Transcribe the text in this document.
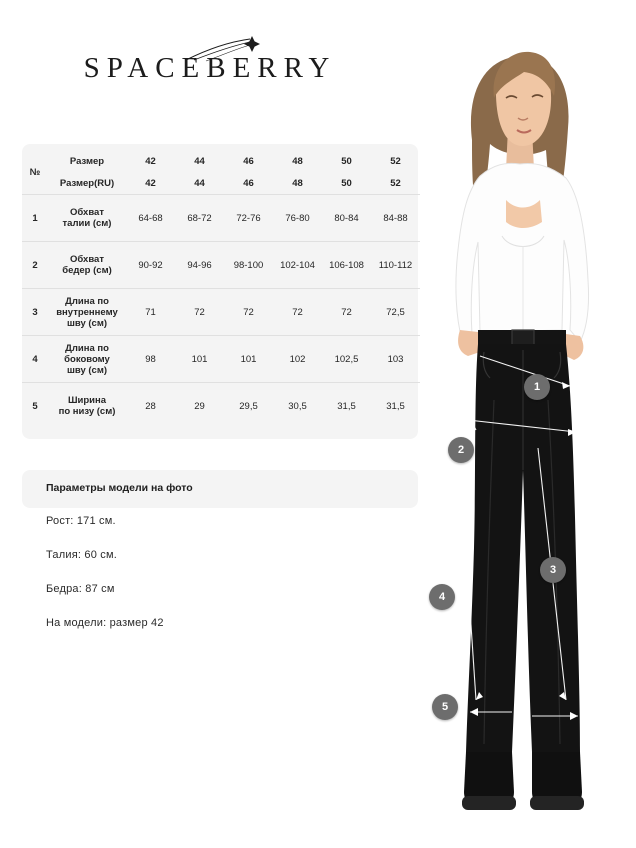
SPACEBERRY
№	Размер	42	44	46	48	50	52
	Размер(RU)	42	44	46	48	50	52

1	Обхват
талии (см)	64-68	68-72	72-76	76-80	80-84	84-88

2	Обхват
бедер (см)	90-92	94-96	98-100	102-104	106-108	110-112

3	Длина по
внутреннему
шву (см)	71	72	72	72	72	72,5

4	Длина по
боковому
шву (см)	98	101	101	102	102,5	103

5	Ширина
по низу (см)	28	29	29,5	30,5	31,5	31,5
Параметры модели на фото
Рост: 171 см.
Талия: 60 см.
Бедра: 87 см
На модели: размер 42
1
2
3
4
5
